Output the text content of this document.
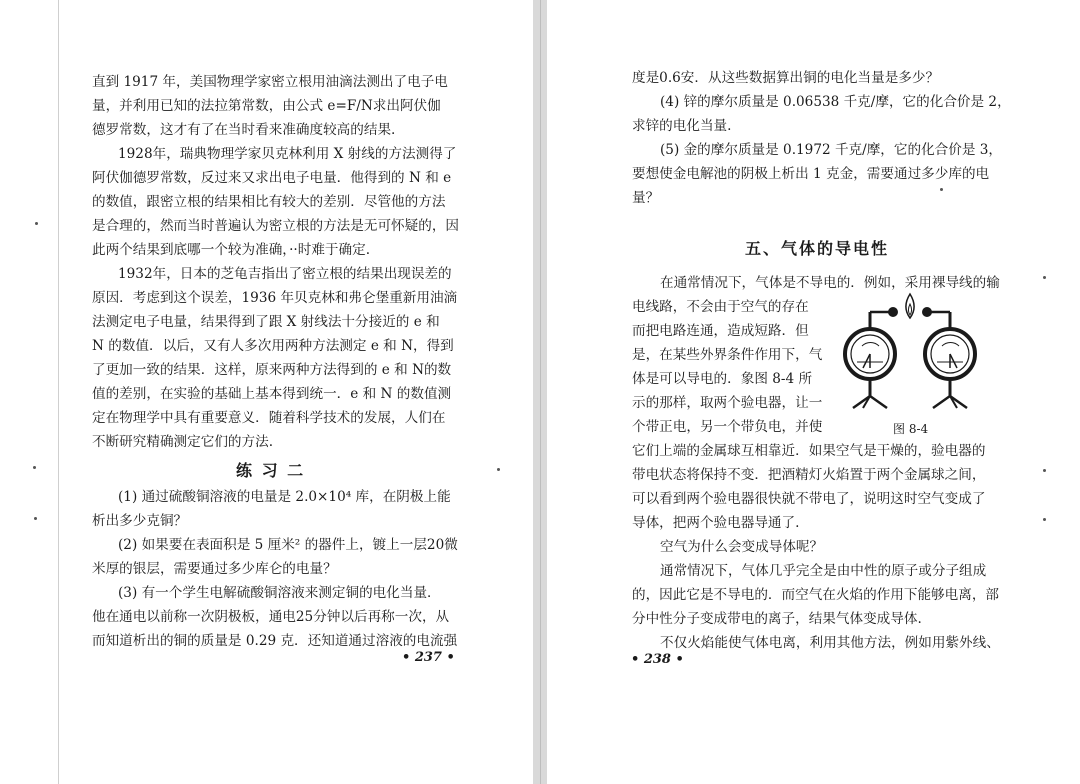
直到 1917 年，美国物理学家密立根用油滴法测出了电子电
量，并利用已知的法拉第常数，由公式 e=F/N求出阿伏伽
德罗常数，这才有了在当时看来准确度较高的结果.
1928年，瑞典物理学家贝克林利用 X 射线的方法测得了
阿伏伽德罗常数，反过来又求出电子电量．他得到的 N 和 e
的数值，跟密立根的结果相比有较大的差别．尽管他的方法
是合理的，然而当时普遍认为密立根的方法是无可怀疑的，因
此两个结果到底哪一个较为准确，··时难于确定.
1932年，日本的芝龟吉指出了密立根的结果出现误差的
原因．考虑到这个误差，1936 年贝克林和弗仑堡重新用油滴
法测定电子电量，结果得到了跟 X 射线法十分接近的 e 和
N 的数值．以后，又有人多次用两种方法测定 e 和 N，得到
了更加一致的结果．这样，原来两种方法得到的 e 和 N的数
值的差别，在实验的基础上基本得到统一．e 和 N 的数值测
定在物理学中具有重要意义．随着科学技术的发展，人们在
不断研究精确测定它们的方法.
练 习 二
(1) 通过硫酸铜溶液的电量是 2.0×10⁴ 库，在阴极上能
析出多少克铜？
(2) 如果要在表面积是 5 厘米² 的器件上，镀上一层20微
米厚的银层，需要通过多少库仑的电量？
(3) 有一个学生电解硫酸铜溶液来测定铜的电化当量．
他在通电以前称一次阴极板，通电25分钟以后再称一次，从
而知道析出的铜的质量是 0.29 克．还知道通过溶液的电流强
• 237 •
度是0.6安．从这些数据算出铜的电化当量是多少？
(4) 锌的摩尔质量是 0.06538 千克/摩，它的化合价是 2，
求锌的电化当量.
(5) 金的摩尔质量是 0.1972 千克/摩，它的化合价是 3，
要想使金电解池的阴极上析出 1 克金，需要通过多少库的电
量？
五、气体的导电性
在通常情况下，气体是不导电的．例如，采用裸导线的输
电线路，不会由于空气的存在
而把电路连通，造成短路．但
是，在某些外界条件作用下，气
体是可以导电的．象图 8-4 所
示的那样，取两个验电器，让一
个带正电，另一个带负电，并使
它们上端的金属球互相靠近．如果空气是干燥的，验电器的
带电状态将保持不变．把酒精灯火焰置于两个金属球之间，
可以看到两个验电器很快就不带电了，说明这时空气变成了
导体，把两个验电器导通了.
空气为什么会变成导体呢？
通常情况下，气体几乎完全是由中性的原子或分子组成
的，因此它是不导电的．而空气在火焰的作用下能够电离，部
分中性分子变成带电的离子，结果气体变成导体.
不仅火焰能使气体电离，利用其他方法，例如用紫外线、
• 238 •
图 8-4
